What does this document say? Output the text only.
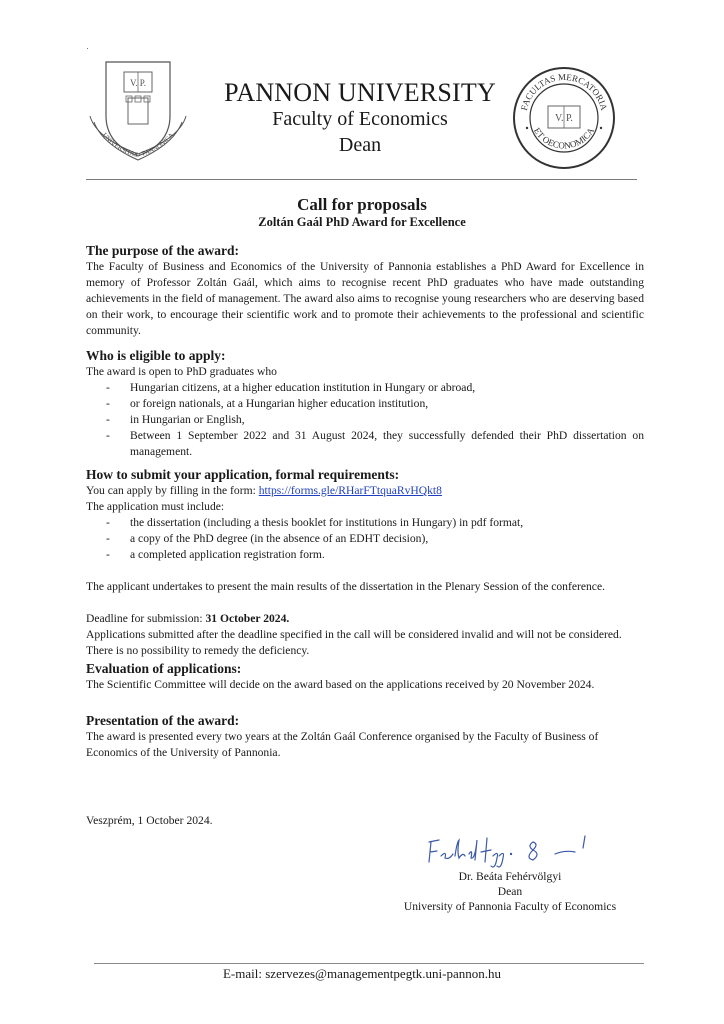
V. P.
UNIVERSITAS · PANNONICA
PANNON UNIVERSITY
Faculty of Economics
Dean
FACULTAS MERCATORIA
ET OECONOMICA
V. P.
Call for proposals
Zoltán Gaál PhD Award for Excellence
The purpose of the award:

The Faculty of Business and Economics of the University of Pannonia establishes a PhD Award for Excellence in memory of Professor Zoltán Gaál, which aims to recognise recent PhD graduates who have made outstanding achievements in the field of management. The award also aims to recognise young researchers who are deserving based on their work, to encourage their scientific work and to promote their achievements to the professional and scientific community.

Who is eligible to apply:

The award is open to PhD graduates who

- Hungarian citizens, at a higher education institution in Hungary or abroad,
- or foreign nationals, at a Hungarian higher education institution,
- in Hungarian or English,
- Between 1 September 2022 and 31 August 2024, they successfully defended their PhD dissertation on management.
How to submit your application, formal requirements:

You can apply by filling in the form: https://forms.gle/RHarFTtquaRvHQkt8

The application must include:

- the dissertation (including a thesis booklet for institutions in Hungary) in pdf format,
- a copy of the PhD degree (in the absence of an EDHT decision),
- a completed application registration form.

The applicant undertakes to present the main results of the dissertation in the Plenary Session of the conference.

Deadline for submission: 31 October 2024.

Applications submitted after the deadline specified in the call will be considered invalid and will not be considered.

There is no possibility to remedy the deficiency.

Evaluation of applications:

The Scientific Committee will decide on the award based on the applications received by 20 November 2024.

Presentation of the award:

The award is presented every two years at the Zoltán Gaál Conference organised by the Faculty of Business of Economics of the University of Pannonia.

Veszprém, 1 October 2024.
Dr. Beáta Fehérvölgyi
Dean
University of Pannonia Faculty of Economics
E-mail: szervezes@managementpegtk.uni-pannon.hu
